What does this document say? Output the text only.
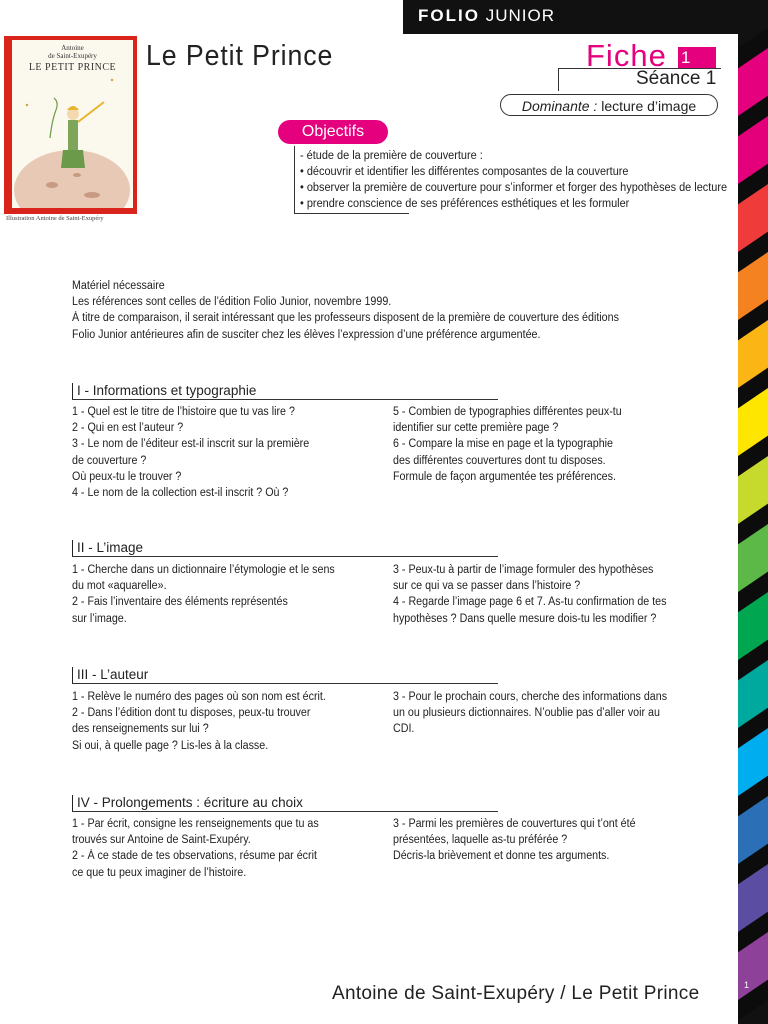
FOLIO JUNIOR
1
Antoine
de Saint-Exupéry
LE PETIT PRINCE
Illustration Antoine de Saint-Exupéry
Le Petit Prince	Fiche 1
Séance 1
Dominante : lecture d’image
Objectifs
- étude de la première de couverture :
• découvrir et identifier les différentes composantes de la couverture
• observer la première de couverture pour s’informer et forger des hypothèses de lecture
• prendre conscience de ses préférences esthétiques et les formuler
Matériel nécessaire
Les références sont celles de l’édition Folio Junior, novembre 1999.
À titre de comparaison, il serait intéressant que les professeurs disposent de la première de couverture des éditions
Folio Junior antérieures afin de susciter chez les élèves l’expression d’une préférence argumentée.
I - Informations et typographie
1 - Quel est le titre de l’histoire que tu vas lire ?
2 - Qui en est l’auteur ?
3 - Le nom de l’éditeur est-il inscrit sur la première
de couverture ?
Où peux-tu le trouver ?
4 - Le nom de la collection est-il inscrit ? Où ?
5 - Combien de typographies différentes peux-tu
identifier sur cette première page ?
6 - Compare la mise en page et la typographie
des différentes couvertures dont tu disposes.
Formule de façon argumentée tes préférences.
II - L’image
1 - Cherche dans un dictionnaire l’étymologie et le sens
du mot «aquarelle».
2 - Fais l’inventaire des éléments représentés
sur l’image.
3 - Peux-tu à partir de l’image formuler des hypothèses
sur ce qui va se passer dans l’histoire ?
4 - Regarde l’image page 6 et 7. As-tu confirmation de tes
hypothèses ? Dans quelle mesure dois-tu les modifier ?
III - L’auteur
1 - Relève le numéro des pages où son nom est écrit.
2 - Dans l’édition dont tu disposes, peux-tu trouver
des renseignements sur lui ?
Si oui, à quelle page ? Lis-les à la classe.
3 - Pour le prochain cours, cherche des informations dans
un ou plusieurs dictionnaires. N’oublie pas d’aller voir au
CDI.
IV - Prolongements : écriture au choix
1 - Par écrit, consigne les renseignements que tu as
trouvés sur Antoine de Saint-Exupéry.
2 - À ce stade de tes observations, résume par écrit
ce que tu peux imaginer de l’histoire.
3 - Parmi les premières de couvertures qui t’ont été
présentées, laquelle as-tu préférée ?
Décris-la brièvement et donne tes arguments.
Antoine de Saint-Exupéry / Le Petit Prince
